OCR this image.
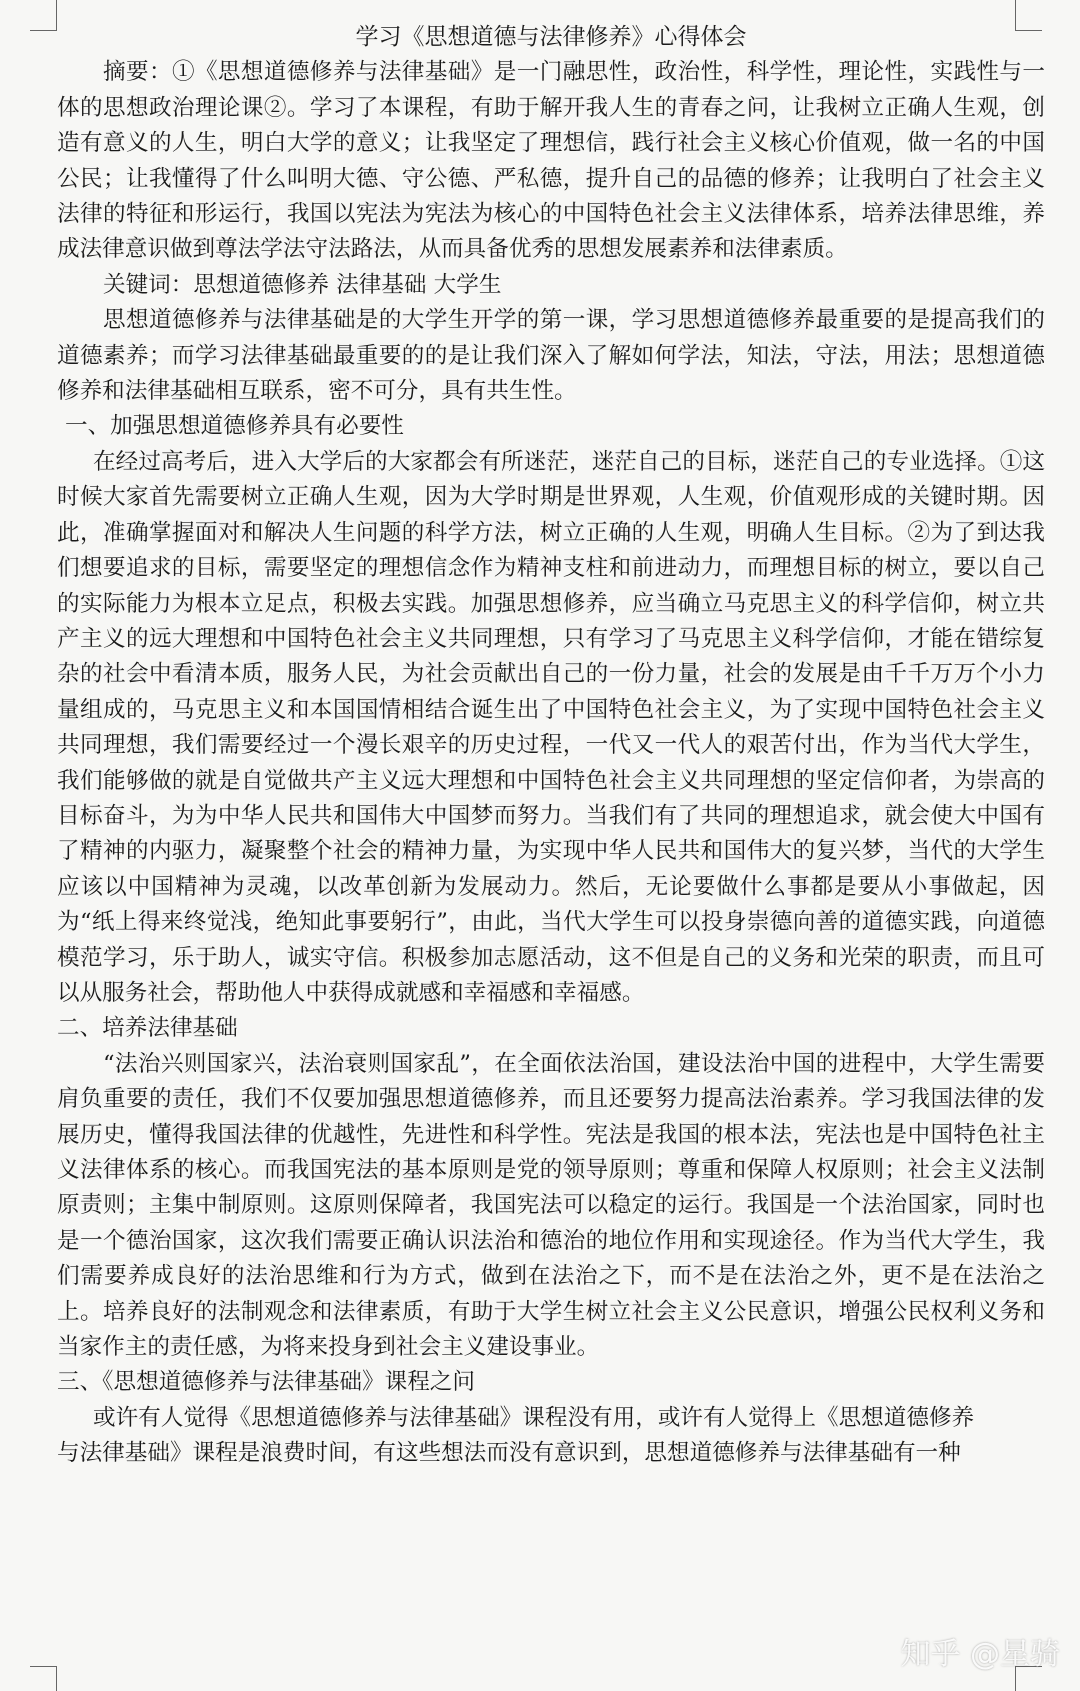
学习《思想道德与法律修养》心得体会

摘要：①《思想道德修养与法律基础》是一门融思性，政治性，科学性，理论性，实践性与一体的思想政治理论课②。学习了本课程，有助于解开我人生的青春之问，让我树立正确人生观，创造有意义的人生，明白大学的意义；让我坚定了理想信，践行社会主义核心价值观，做一名的中国公民；让我懂得了什么叫明大德、守公德、严私德，提升自己的品德的修养；让我明白了社会主义法律的特征和形运行，我国以宪法为宪法为核心的中国特色社会主义法律体系，培养法律思维，养成法律意识做到尊法学法守法路法，从而具备优秀的思想发展素养和法律素质。

关键词：思想道德修养 法律基础 大学生

思想道德修养与法律基础是的大学生开学的第一课，学习思想道德修养最重要的是提高我们的道德素养；而学习法律基础最重要的的是让我们深入了解如何学法，知法，守法，用法；思想道德修养和法律基础相互联系，密不可分，具有共生性。

一、加强思想道德修养具有必要性

在经过高考后，进入大学后的大家都会有所迷茫，迷茫自己的目标，迷茫自己的专业选择。①这时候大家首先需要树立正确人生观，因为大学时期是世界观，人生观，价值观形成的关键时期。因此，准确掌握面对和解决人生问题的科学方法，树立正确的人生观，明确人生目标。②为了到达我们想要追求的目标，需要坚定的理想信念作为精神支柱和前进动力，而理想目标的树立，要以自己的实际能力为根本立足点，积极去实践。加强思想修养，应当确立马克思主义的科学信仰，树立共产主义的远大理想和中国特色社会主义共同理想，只有学习了马克思主义科学信仰，才能在错综复杂的社会中看清本质，服务人民，为社会贡献出自己的一份力量，社会的发展是由千千万万个小力量组成的，马克思主义和本国国情相结合诞生出了中国特色社会主义，为了实现中国特色社会主义共同理想，我们需要经过一个漫长艰辛的历史过程，一代又一代人的艰苦付出，作为当代大学生，我们能够做的就是自觉做共产主义远大理想和中国特色社会主义共同理想的坚定信仰者，为崇高的目标奋斗，为为中华人民共和国伟大中国梦而努力。当我们有了共同的理想追求，就会使大中国有了精神的内驱力，凝聚整个社会的精神力量，为实现中华人民共和国伟大的复兴梦，当代的大学生应该以中国精神为灵魂，以改革创新为发展动力。然后，无论要做什么事都是要从小事做起，因为“纸上得来终觉浅，绝知此事要躬行”，由此，当代大学生可以投身崇德向善的道德实践，向道德模范学习，乐于助人，诚实守信。积极参加志愿活动，这不但是自己的义务和光荣的职责，而且可以从服务社会，帮助他人中获得成就感和幸福感和幸福感。

二、培养法律基础

“法治兴则国家兴，法治衰则国家乱”，在全面依法治国，建设法治中国的进程中，大学生需要肩负重要的责任，我们不仅要加强思想道德修养，而且还要努力提高法治素养。学习我国法律的发展历史，懂得我国法律的优越性，先进性和科学性。宪法是我国的根本法，宪法也是中国特色社主义法律体系的核心。而我国宪法的基本原则是党的领导原则；尊重和保障人权原则；社会主义法制原责则；主集中制原则。这原则保障者，我国宪法可以稳定的运行。我国是一个法治国家，同时也是一个德治国家，这次我们需要正确认识法治和德治的地位作用和实现途径。作为当代大学生，我们需要养成良好的法治思维和行为方式，做到在法治之下，而不是在法治之外，更不是在法治之上。培养良好的法制观念和法律素质，有助于大学生树立社会主义公民意识，增强公民权利义务和当家作主的责任感，为将来投身到社会主义建设事业。

三、《思想道德修养与法律基础》课程之问

或许有人觉得《思想道德修养与法律基础》课程没有用，或许有人觉得上《思想道德修养

与法律基础》课程是浪费时间，有这些想法而没有意识到，思想道德修养与法律基础有一种

知乎 @星骑
